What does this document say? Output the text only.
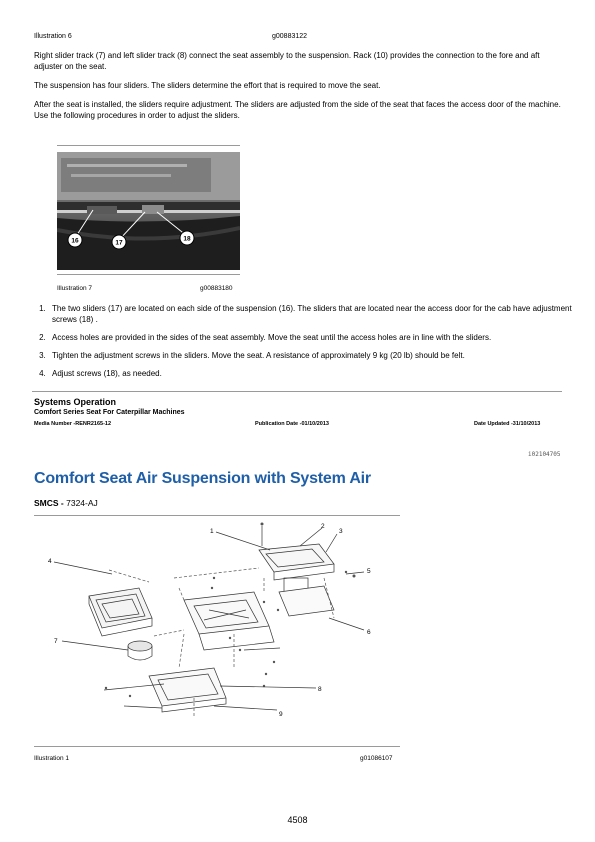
Illustration 6	g00883122
Right slider track (7) and left slider track (8) connect the seat assembly to the suspension. Rack (10) provides the connection to the fore and aft adjuster on the seat.
The suspension has four sliders. The sliders determine the effort that is required to move the seat.
After the seat is installed, the sliders require adjustment. The sliders are adjusted from the side of the seat that faces the access door of the machine. Use the following procedures in order to adjust the sliders.
16	17
18
Illustration 7	g00883180
1. The two sliders (17) are located on each side of the suspension (16). The sliders that are located near the access door for the cab have adjustment screws (18) .
2. Access holes are provided in the sides of the seat assembly. Move the seat until the access holes are in line with the sliders.
3. Tighten the adjustment screws in the sliders. Move the seat. A resistance of approximately 9 kg (20 lb) should be felt.
4. Adjust screws (18), as needed.
Systems Operation
Comfort Series Seat For Caterpillar Machines
Media Number -RENR2165-12	Publication Date -01/10/2013	Date Updated -31/10/2013
i02104705
Comfort Seat Air Suspension with System Air
SMCS - 7324-AJ
1
2
3
4
5
6
7
8
9
Illustration 1	g01086107
4508
